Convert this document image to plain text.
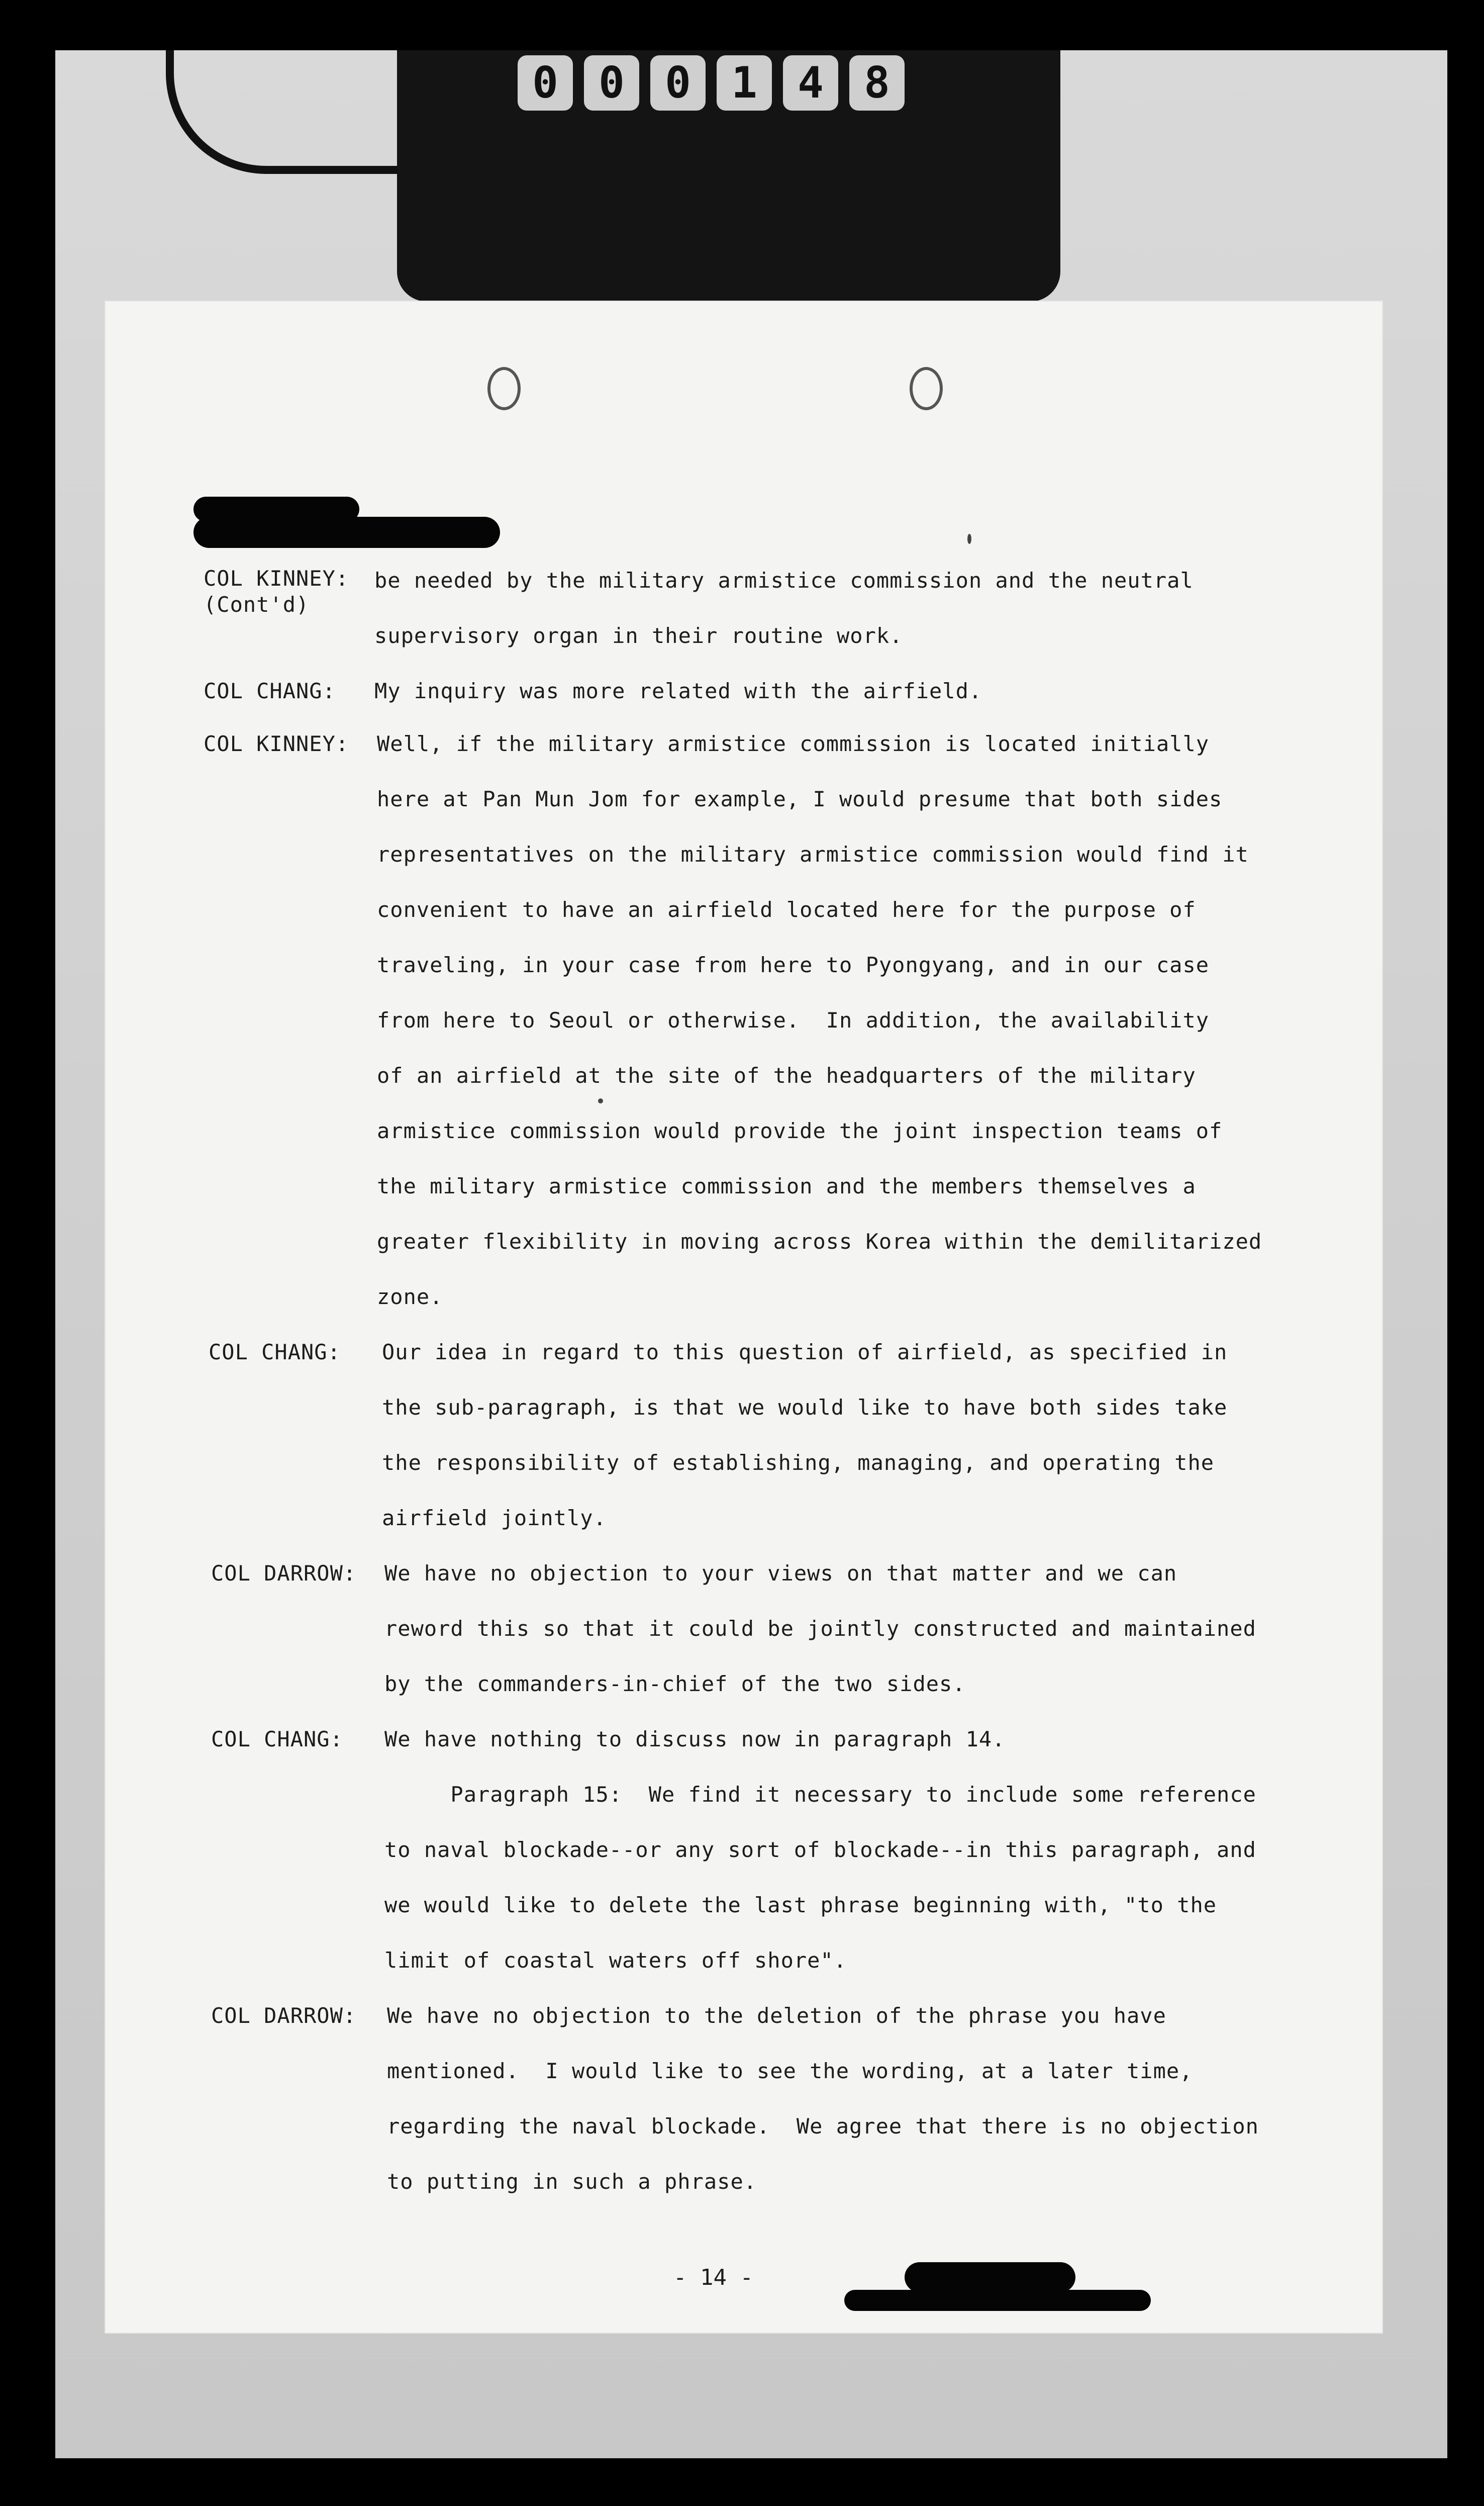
0 0 0 1 4 8
COL KINNEY:
(Cont'd)
be needed by the military armistice commission and the neutral
supervisory organ in their routine work.
COL CHANG: My inquiry was more related with the airfield.
COL KINNEY: Well, if the military armistice commission is located initially
here at Pan Mun Jom for example, I would presume that both sides
representatives on the military armistice commission would find it
convenient to have an airfield located here for the purpose of
traveling, in your case from here to Pyongyang, and in our case
from here to Seoul or otherwise.  In addition, the availability
of an airfield at the site of the headquarters of the military
armistice commission would provide the joint inspection teams of
the military armistice commission and the members themselves a
greater flexibility in moving across Korea within the demilitarized
zone.
COL CHANG: Our idea in regard to this question of airfield, as specified in
the sub-paragraph, is that we would like to have both sides take
the responsibility of establishing, managing, and operating the
airfield jointly.
COL DARROW: We have no objection to your views on that matter and we can
reword this so that it could be jointly constructed and maintained
by the commanders-in-chief of the two sides.
COL CHANG: We have nothing to discuss now in paragraph 14.
Paragraph 15:  We find it necessary to include some reference
to naval blockade--or any sort of blockade--in this paragraph, and
we would like to delete the last phrase beginning with, "to the
limit of coastal waters off shore".
COL DARROW: We have no objection to the deletion of the phrase you have
mentioned.  I would like to see the wording, at a later time,
regarding the naval blockade.  We agree that there is no objection
to putting in such a phrase.
- 14 -
